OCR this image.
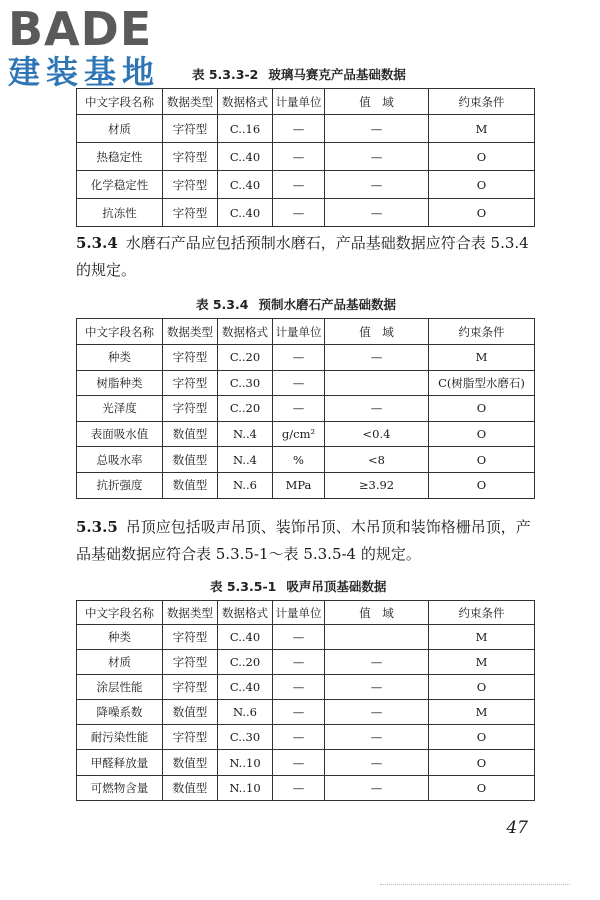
BADE
建装基地	表 5.3.3-2 玻璃马赛克产品基础数据
中文字段名称	数据类型	数据格式	计量单位	值　域	约束条件
材质	字符型	C..16	—	—	M
热稳定性	字符型	C..40	—	—	O
化学稳定性	字符型	C..40	—	—	O
抗冻性	字符型	C..40	—	—	O
5.3.4 水磨石产品应包括预制水磨石，产品基础数据应符合表 5.3.4 的规定。
表 5.3.4 预制水磨石产品基础数据
中文字段名称	数据类型	数据格式	计量单位	值　域	约束条件
种类	字符型	C..20	—	—	M
树脂种类	字符型	C..30	—		C(树脂型水磨石)
光泽度	字符型	C..20	—	—	O
表面吸水值	数值型	N..4	g/cm²	<0.4	O
总吸水率	数值型	N..4	%	<8	O
抗折强度	数值型	N..6	MPa	≥3.92	O
5.3.5 吊顶应包括吸声吊顶、装饰吊顶、木吊顶和装饰格栅吊顶，产品基础数据应符合表 5.3.5-1～表 5.3.5-4 的规定。
表 5.3.5-1 吸声吊顶基础数据
中文字段名称	数据类型	数据格式	计量单位	值　域	约束条件
种类	字符型	C..40	—		M
材质	字符型	C..20	—	—	M
涂层性能	字符型	C..40	—	—	O
降噪系数	数值型	N..6	—	—	M
耐污染性能	字符型	C..30	—	—	O
甲醛释放量	数值型	N..10	—	—	O
可燃物含量	数值型	N..10	—	—	O
47
